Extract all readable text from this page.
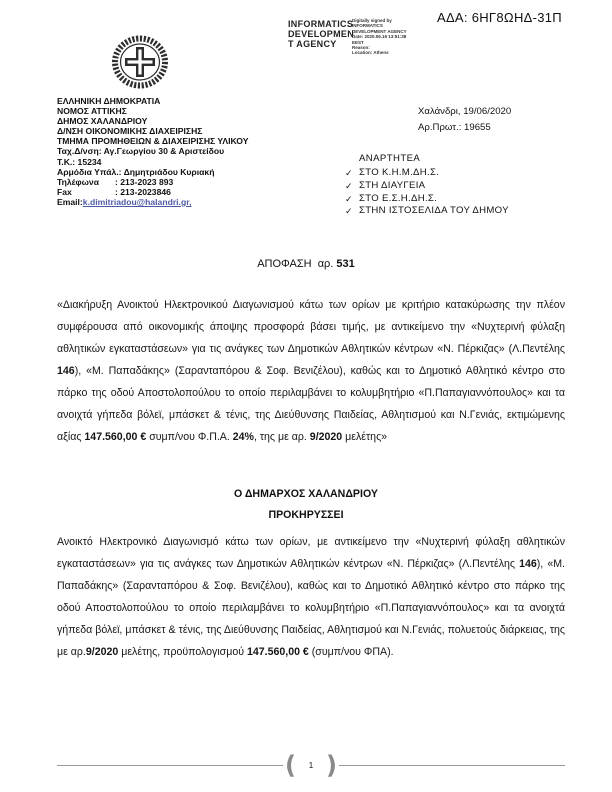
ΑΔΑ: 6ΗΓ8ΩΗΔ-31Π
INFORMATICS
DEVELOPMEN
T AGENCY
Digitally signed by
INFORMATICS
DEVELOPMENT AGENCY
Date: 2020.06.19 13:51:38
EEST
Reason:
Location: Athens
ΕΛΛΗΝΙΚΗ ΔΗΜΟΚΡΑΤΙΑ
ΝΟΜΟΣ ΑΤΤΙΚΗΣ
ΔΗΜΟΣ ΧΑΛΑΝΔΡΙΟΥ
Δ/ΝΣΗ ΟΙΚΟΝΟΜΙΚΗΣ ΔΙΑΧΕΙΡΙΣΗΣ
ΤΜΗΜΑ ΠΡΟΜΗΘΕΙΩΝ & ΔΙΑΧΕΙΡΙΣΗΣ ΥΛΙΚΟΥ
Ταχ.Δ/νση: Αγ.Γεωργίου 30 & Αριστείδου
Τ.Κ.: 15234
Αρμόδια Υπάλ.: Δημητριάδου Κυριακή
Τηλέφωνα	: 213-2023 893
Fax	: 213-2023846
Email: k.dimitriadou@halandri.gr,
Χαλάνδρι, 19/06/2020
Αρ.Πρωτ.: 19655
ΑΝΑΡΤΗΤΕΑ
✓ ΣΤΟ Κ.Η.Μ.ΔΗ.Σ.
✓ ΣΤΗ ΔΙΑΥΓΕΙΑ
✓ ΣΤΟ Ε.Σ.Η.ΔΗ.Σ.
✓ ΣΤΗΝ ΙΣΤΟΣΕΛΙΔΑ ΤΟΥ ΔΗΜΟΥ
ΑΠΟΦΑΣΗ  αρ. 531
«Διακήρυξη Ανοικτού Ηλεκτρονικού Διαγωνισμού κάτω των ορίων με κριτήριο κατακύρωσης την πλέον συμφέρουσα από οικονομικής άποψης προσφορά βάσει τιμής, με αντικείμενο την «Νυχτερινή φύλαξη αθλητικών εγκαταστάσεων» για τις ανάγκες των Δημοτικών Αθλητικών κέντρων «Ν. Πέρκιζας» (Λ.Πεντέλης 146), «Μ. Παπαδάκης» (Σαρανταπόρου & Σοφ. Βενιζέλου), καθώς και το Δημοτικό Αθλητικό κέντρο στο πάρκο της οδού Αποστολοπούλου το οποίο περιλαμβάνει το κολυμβητήριο «Π.Παπαγιαννόπουλος» και τα ανοιχτά γήπεδα βόλεϊ, μπάσκετ & τένις, της Διεύθυνσης Παιδείας, Αθλητισμού και Ν.Γενιάς, εκτιμώμενης αξίας 147.560,00 € συμπ/νου Φ.Π.Α. 24%, της με αρ. 9/2020 μελέτης»
Ο ΔΗΜΑΡΧΟΣ ΧΑΛΑΝΔΡΙΟΥ
ΠΡΟΚΗΡΥΣΣΕΙ
Ανοικτό Ηλεκτρονικό Διαγωνισμό κάτω των ορίων, με αντικείμενο την «Νυχτερινή φύλαξη αθλητικών εγκαταστάσεων» για τις ανάγκες των Δημοτικών Αθλητικών κέντρων «Ν. Πέρκιζας» (Λ.Πεντέλης 146), «Μ. Παπαδάκης» (Σαρανταπόρου & Σοφ. Βενιζέλου), καθώς και το Δημοτικό Αθλητικό κέντρο στο πάρκο της οδού Αποστολοπούλου το οποίο περιλαμβάνει το κολυμβητήριο «Π.Παπαγιαννόπουλος» και τα ανοιχτά γήπεδα βόλεϊ, μπάσκετ & τένις, της Διεύθυνσης Παιδείας, Αθλητισμού και Ν.Γενιάς, πολυετούς διάρκειας, της με αρ.9/2020 μελέτης, προϋπολογισμού 147.560,00 € (συμπ/νου ΦΠΑ).
(	1 )
